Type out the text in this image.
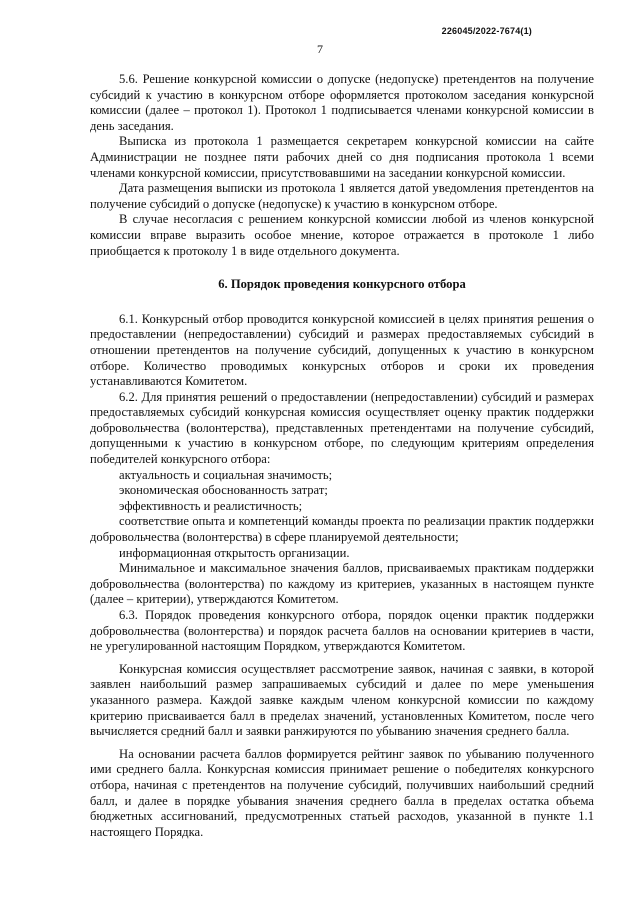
226045/2022-7674(1)
7

5.6. Решение конкурсной комиссии о допуске (недопуске) претендентов на получение субсидий к участию в конкурсном отборе оформляется протоколом заседания конкурсной комиссии (далее – протокол 1). Протокол 1 подписывается членами конкурсной комиссии в день заседания.

Выписка из протокола 1 размещается секретарем конкурсной комиссии на сайте Администрации не позднее пяти рабочих дней со дня подписания протокола 1 всеми членами конкурсной комиссии, присутствовавшими на заседании конкурсной комиссии.

Дата размещения выписки из протокола 1 является датой уведомления претендентов на получение субсидий о допуске (недопуске) к участию в конкурсном отборе.

В случае несогласия с решением конкурсной комиссии любой из членов конкурсной комиссии вправе выразить особое мнение, которое отражается в протоколе 1 либо приобщается к протоколу 1 в виде отдельного документа.

6. Порядок проведения конкурсного отбора

6.1. Конкурсный отбор проводится конкурсной комиссией в целях принятия решения о предоставлении (непредоставлении) субсидий и размерах предоставляемых субсидий в отношении претендентов на получение субсидий, допущенных к участию в конкурсном отборе. Количество проводимых конкурсных отборов и сроки их проведения устанавливаются Комитетом.

6.2. Для принятия решений о предоставлении (непредоставлении) субсидий и размерах предоставляемых субсидий конкурсная комиссия осуществляет оценку практик поддержки добровольчества (волонтерства), представленных претендентами на получение субсидий, допущенными к участию в конкурсном отборе, по следующим критериям определения победителей конкурсного отбора:

актуальность и социальная значимость;

экономическая обоснованность затрат;

эффективность и реалистичность;

соответствие опыта и компетенций команды проекта по реализации практик поддержки добровольчества (волонтерства) в сфере планируемой деятельности;

информационная открытость организации.

Минимальное и максимальное значения баллов, присваиваемых практикам поддержки добровольчества (волонтерства) по каждому из критериев, указанных в настоящем пункте (далее – критерии), утверждаются Комитетом.

6.3. Порядок проведения конкурсного отбора, порядок оценки практик поддержки добровольчества (волонтерства) и порядок расчета баллов на основании критериев в части, не урегулированной настоящим Порядком, утверждаются Комитетом.

Конкурсная комиссия осуществляет рассмотрение заявок, начиная с заявки, в которой заявлен наибольший размер запрашиваемых субсидий и далее по мере уменьшения указанного размера. Каждой заявке каждым членом конкурсной комиссии по каждому критерию присваивается балл в пределах значений, установленных Комитетом, после чего вычисляется средний балл и заявки ранжируются по убыванию значения среднего балла.

На основании расчета баллов формируется рейтинг заявок по убыванию полученного ими среднего балла. Конкурсная комиссия принимает решение о победителях конкурсного отбора, начиная с претендентов на получение субсидий, получивших наибольший средний балл, и далее в порядке убывания значения среднего балла в пределах остатка объема бюджетных ассигнований, предусмотренных статьей расходов, указанной в пункте 1.1 настоящего Порядка.
